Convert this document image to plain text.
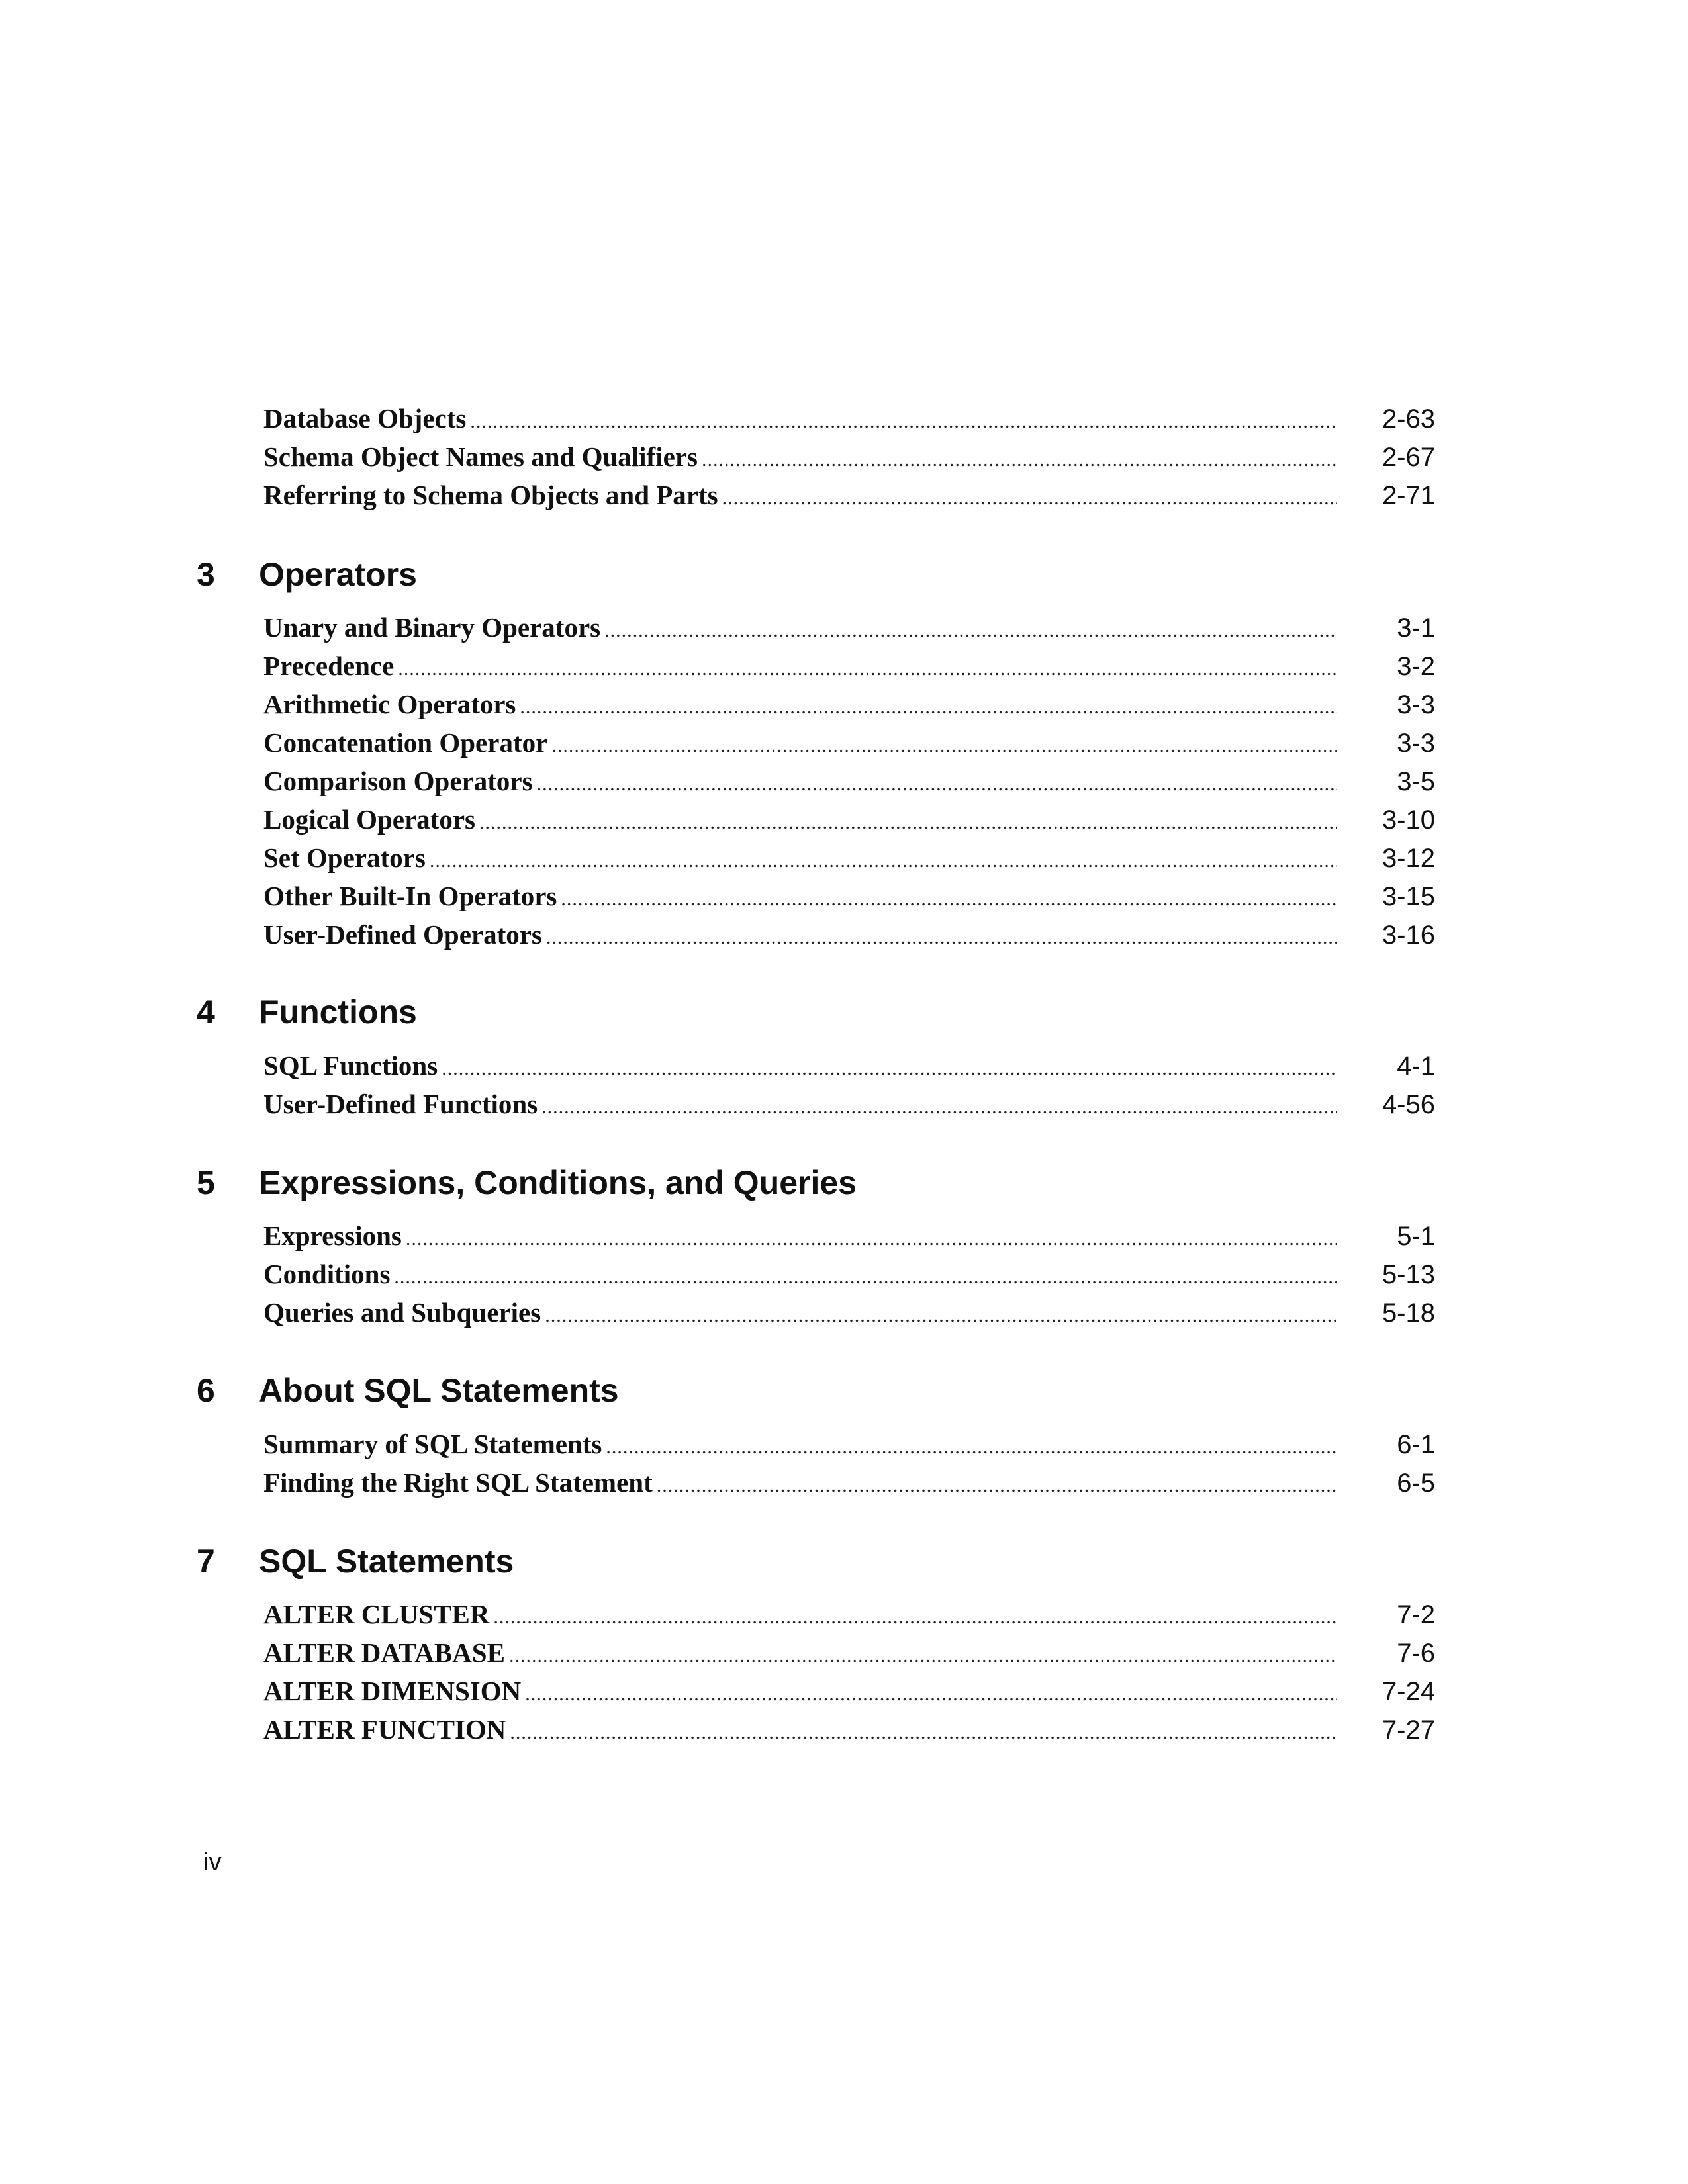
Database Objects .....	2-63
Schema Object Names and Qualifiers .....	2-67
Referring to Schema Objects and Parts .....	2-71
3 Operators
Unary and Binary Operators .....	3-1
Precedence .....	3-2
Arithmetic Operators .....	3-3
Concatenation Operator .....	3-3
Comparison Operators .....	3-5
Logical Operators .....	3-10
Set Operators .....	3-12
Other Built-In Operators .....	3-15
User-Defined Operators .....	3-16
4 Functions
SQL Functions .....	4-1
User-Defined Functions .....	4-56
5 Expressions, Conditions, and Queries
Expressions .....	5-1
Conditions .....	5-13
Queries and Subqueries .....	5-18
6 About SQL Statements
Summary of SQL Statements .....	6-1
Finding the Right SQL Statement .....	6-5
7 SQL Statements
ALTER CLUSTER .....	7-2
ALTER DATABASE .....	7-6
ALTER DIMENSION .....	7-24
ALTER FUNCTION .....	7-27
iv
